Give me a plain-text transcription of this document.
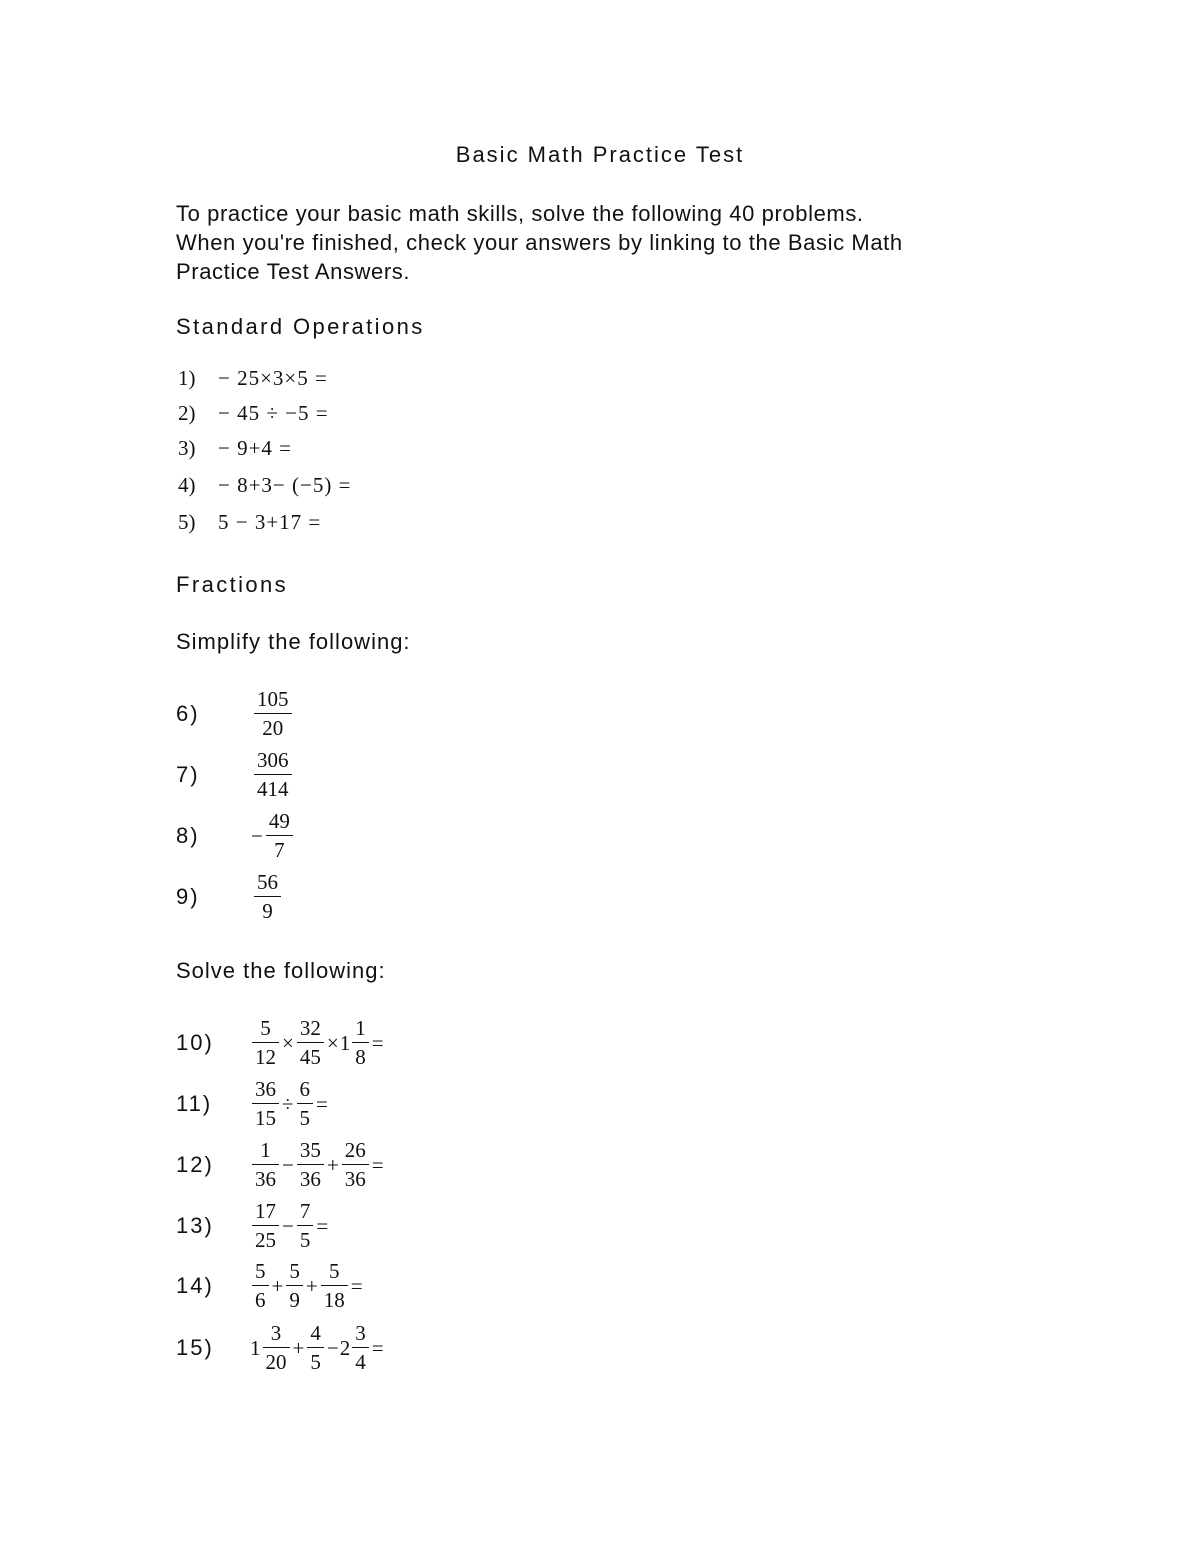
Basic Math Practice Test
To practice your basic math skills, solve the following 40 problems.
When you're finished, check your answers by linking to the Basic Math
Practice Test Answers.
Standard Operations
1) − 25×3×5 =
2) − 45 ÷ −5 =
3) − 9+4 =
4) − 8+3− (−5) =
5) 5 − 3+17 =
Fractions
Simplify the following:
6)	$\frac{105}{20}$
7)	$\frac{306}{414}$
8)	− $\frac{49}{7}$
9)	$\frac{56}{9}$
Solve the following:
10)	$\frac{5}{12} \times \frac{32}{45} \times 1 \frac{1}{8}$ =
11)	$\frac{36}{15} \div \frac{6}{5}$ =
12)	$\frac{1}{36} - \frac{35}{36} + \frac{26}{36}$ =
13)	$\frac{17}{25} - \frac{7}{5}$ =
14)	$\frac{5}{6} + \frac{5}{9} + \frac{5}{18}$ =
15)	$1 \frac{3}{20} + \frac{4}{5} - 2 \frac{3}{4}$ =
